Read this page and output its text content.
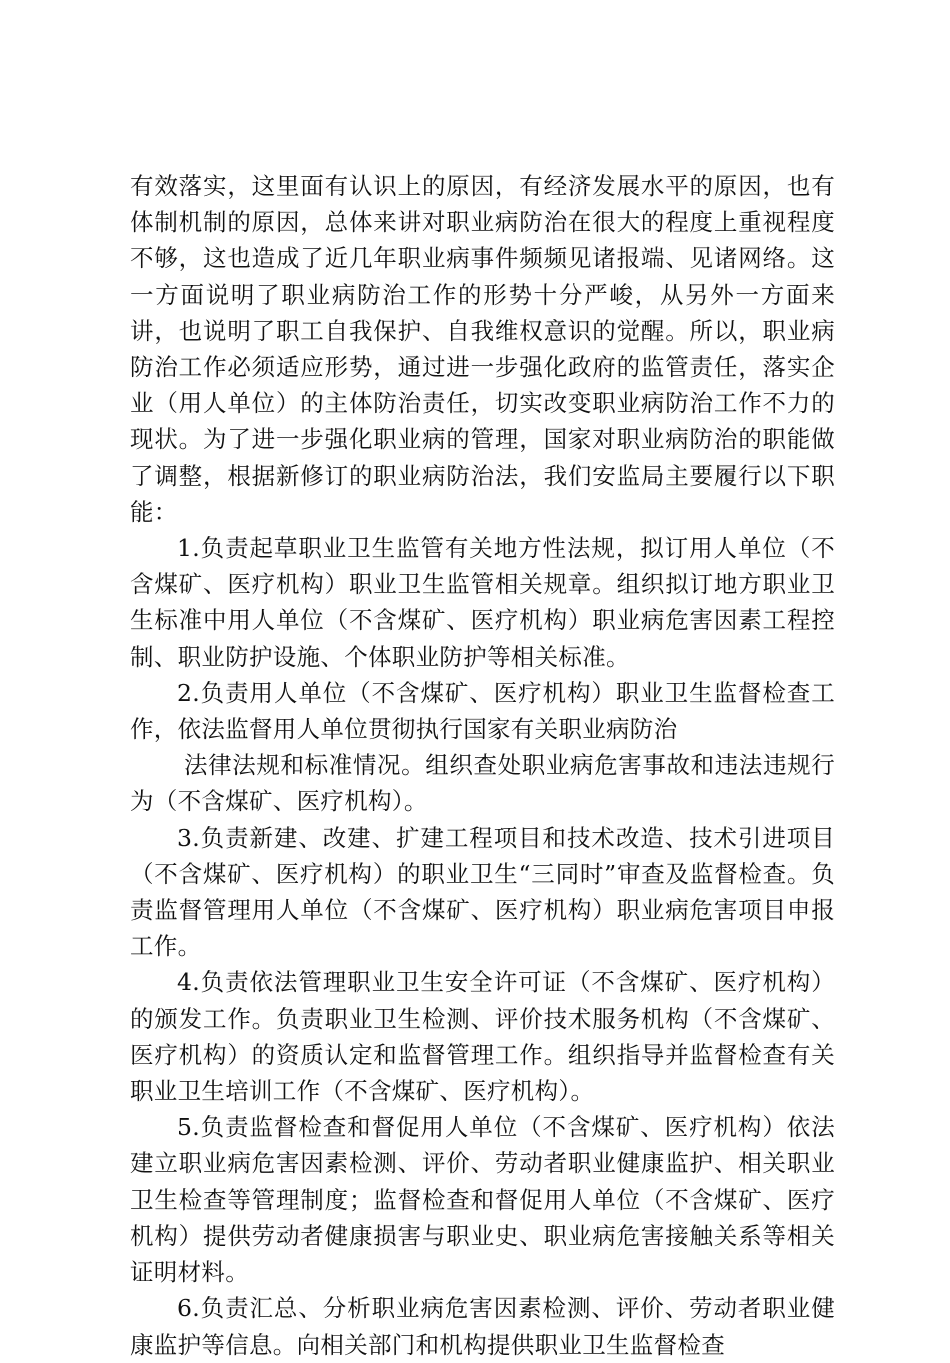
有效落实，这里面有认识上的原因，有经济发展水平的原因，也有体制机制的原因，总体来讲对职业病防治在很大的程度上重视程度不够，这也造成了近几年职业病事件频频见诸报端、见诸网络。这一方面说明了职业病防治工作的形势十分严峻，从另外一方面来讲，也说明了职工自我保护、自我维权意识的觉醒。所以，职业病防治工作必须适应形势，通过进一步强化政府的监管责任，落实企业（用人单位）的主体防治责任，切实改变职业病防治工作不力的现状。为了进一步强化职业病的管理，国家对职业病防治的职能做了调整，根据新修订的职业病防治法，我们安监局主要履行以下职能：

1.负责起草职业卫生监管有关地方性法规，拟订用人单位（不含煤矿、医疗机构）职业卫生监管相关规章。组织拟订地方职业卫生标准中用人单位（不含煤矿、医疗机构）职业病危害因素工程控制、职业防护设施、个体职业防护等相关标准。

2.负责用人单位（不含煤矿、医疗机构）职业卫生监督检查工作，依法监督用人单位贯彻执行国家有关职业病防治

法律法规和标准情况。组织查处职业病危害事故和违法违规行为（不含煤矿、医疗机构）。

3.负责新建、改建、扩建工程项目和技术改造、技术引进项目（不含煤矿、医疗机构）的职业卫生“三同时”审查及监督检查。负责监督管理用人单位（不含煤矿、医疗机构）职业病危害项目申报工作。

4.负责依法管理职业卫生安全许可证（不含煤矿、医疗机构）的颁发工作。负责职业卫生检测、评价技术服务机构（不含煤矿、医疗机构）的资质认定和监督管理工作。组织指导并监督检查有关职业卫生培训工作（不含煤矿、医疗机构）。

5.负责监督检查和督促用人单位（不含煤矿、医疗机构）依法建立职业病危害因素检测、评价、劳动者职业健康监护、相关职业卫生检查等管理制度；监督检查和督促用人单位（不含煤矿、医疗机构）提供劳动者健康损害与职业史、职业病危害接触关系等相关证明材料。

6.负责汇总、分析职业病危害因素检测、评价、劳动者职业健康监护等信息。向相关部门和机构提供职业卫生监督检查
